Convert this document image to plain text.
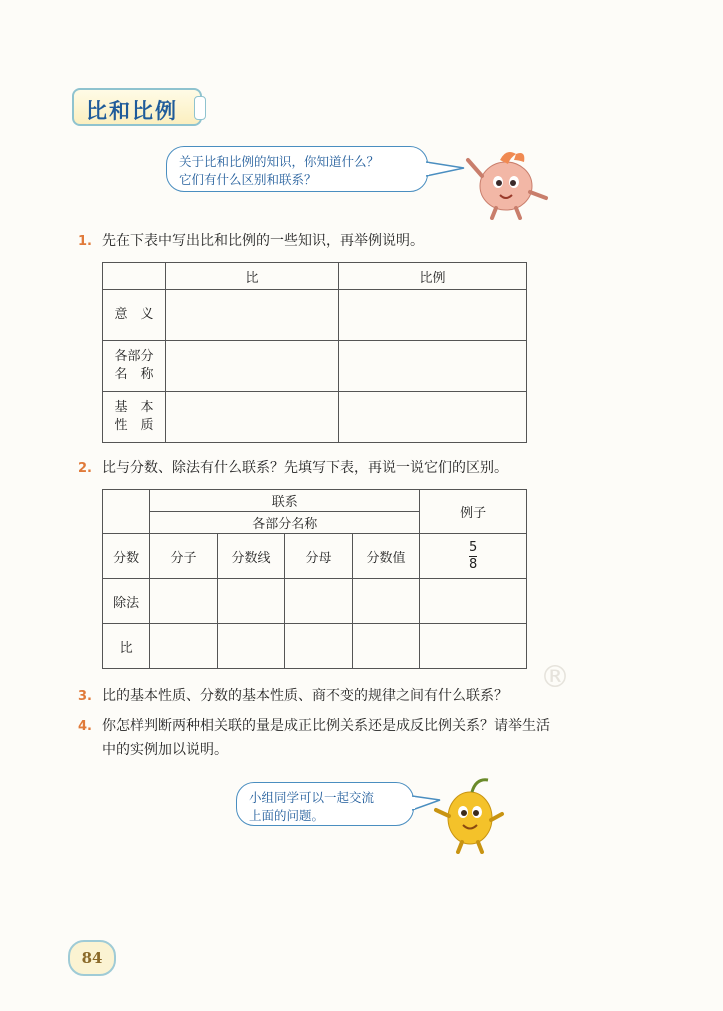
比和比例
关于比和比例的知识，你知道什么？
它们有什么区别和联系？
1. 先在下表中写出比和比例的一些知识，再举例说明。
	比	比例

意　义		

各部分
名　称		

基　本
性　质		

2. 比与分数、除法有什么联系？先填写下表，再说一说它们的区别。
	联系				例子
	各部分名称				
分数	分子	分数线	分母	分数值	$\frac{5}{8}$
除法					
比					
®
3. 比的基本性质、分数的基本性质、商不变的规律之间有什么联系？
4. 你怎样判断两种相关联的量是成正比例关系还是成反比例关系？请举生活
中的实例加以说明。
小组同学可以一起交流
上面的问题。
84
